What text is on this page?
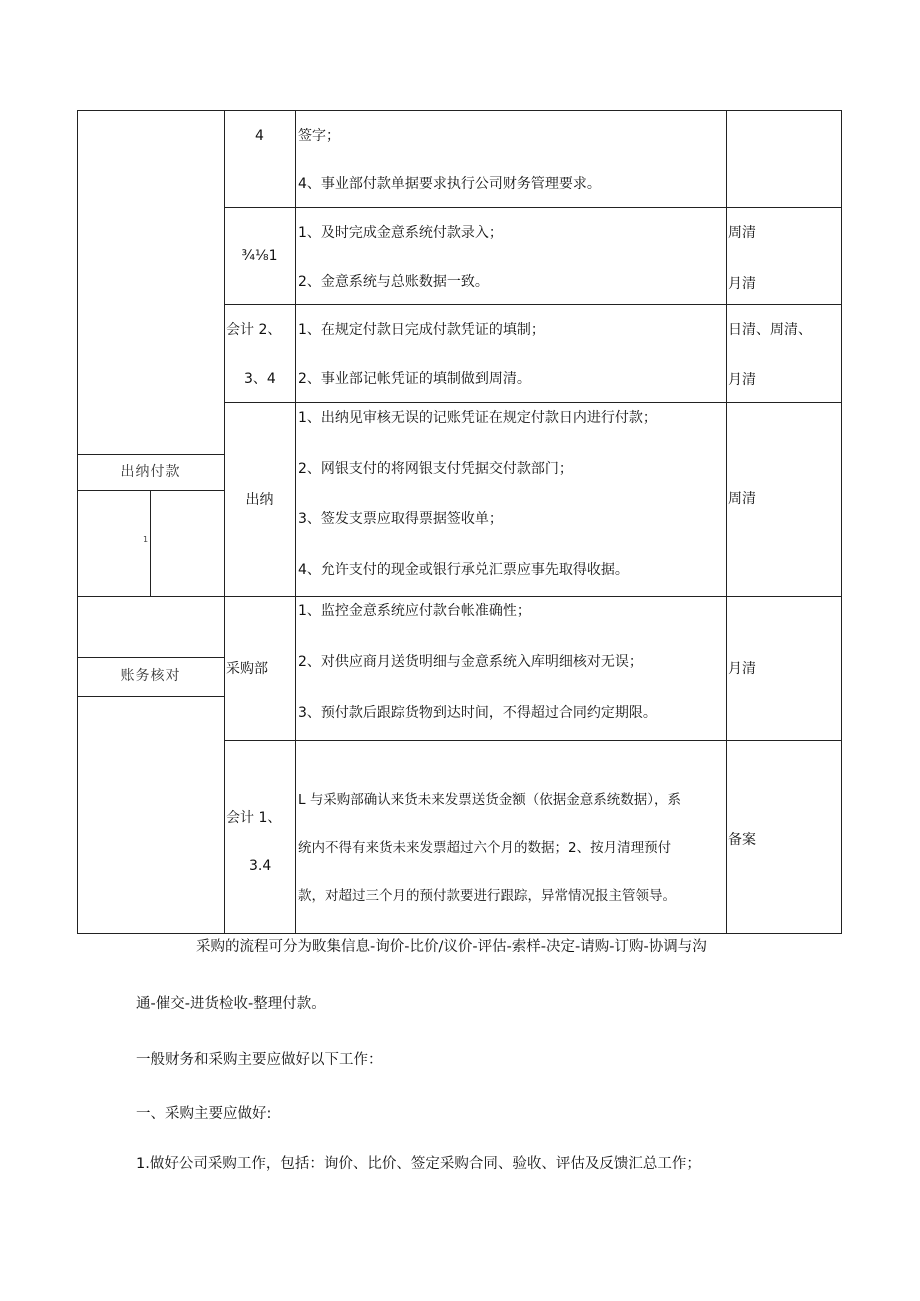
出纳付款
1
账务核对
4	签字；
4、事业部付款单据要求执行公司财务管理要求。
¾⅛1
1、及时完成金意系统付款录入；
2、金意系统与总账数据一致。
周清
月清
会计 2、
3、4
1、在规定付款日完成付款凭证的填制；
2、事业部记帐凭证的填制做到周清。
日清、周清、
月清
出纳
1、出纳见审核无误的记账凭证在规定付款日内进行付款；
2、网银支付的将网银支付凭据交付款部门；
3、签发支票应取得票据签收单；
4、允许支付的现金或银行承兑汇票应事先取得收据。
周清
采购部
1、监控金意系统应付款台帐准确性；
2、对供应商月送货明细与金意系统入库明细核对无误；
3、预付款后跟踪货物到达时间，不得超过合同约定期限。
月清
会计 1、
3.4
L 与采购部确认来货未来发票送货金额（依据金意系统数据），系
统内不得有来货未来发票超过六个月的数据；2、按月清理预付
款，对超过三个月的预付款要进行跟踪，异常情况报主管领导。
备案
采购的流程可分为畋集信息-询价-比价/议价-评估-索样-决定-请购-订购-协调与沟
通-催交-进货检收-整理付款。
一般财务和采购主要应做好以下工作：
一、采购主要应做好:
1.做好公司采购工作，包括：询价、比价、签定采购合同、验收、评估及反馈汇总工作；
